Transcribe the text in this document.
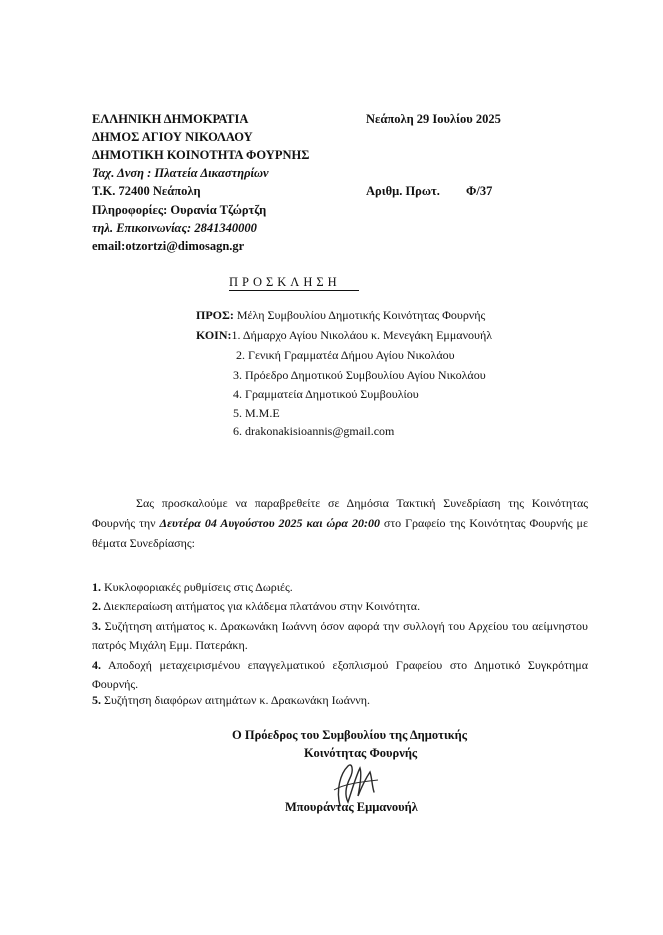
ΕΛΛΗΝΙΚΗ ΔΗΜΟΚΡΑΤΙΑ
ΔΗΜΟΣ ΑΓΙΟΥ ΝΙΚΟΛΑΟΥ
ΔΗΜΟΤΙΚΗ ΚΟΙΝΟΤΗΤΑ ΦΟΥΡΝΗΣ
Ταχ. Δνση : Πλατεία Δικαστηρίων
Τ.Κ. 72400 Νεάπολη
Πληροφορίες: Ουρανία Τζώρτζη
τηλ. Επικοινωνίας: 2841340000
email:otzortzi@dimosagn.gr
Νεάπολη 29 Ιουλίου 2025
Αριθμ. Πρωτ. Φ/37
ΠΡΟΣΚΛΗΣΗ
ΠΡΟΣ: Μέλη Συμβουλίου Δημοτικής Κοινότητας Φουρνής
ΚΟΙΝ:1. Δήμαρχο Αγίου Νικολάου κ. Μενεγάκη Εμμανουήλ
2. Γενική Γραμματέα Δήμου Αγίου Νικολάου
3. Πρόεδρο Δημοτικού Συμβουλίου Αγίου Νικολάου
4. Γραμματεία Δημοτικού Συμβουλίου
5. Μ.Μ.Ε
6. drakonakisioannis@gmail.com
Σας προσκαλούμε να παραβρεθείτε σε Δημόσια Τακτική Συνεδρίαση της Κοινότητας Φουρνής την Δευτέρα 04 Αυγούστου 2025 και ώρα 20:00 στο Γραφείο της Κοινότητας Φουρνής με θέματα Συνεδρίασης:
1. Κυκλοφοριακές ρυθμίσεις στις Δωριές.
2. Διεκπεραίωση αιτήματος για κλάδεμα πλατάνου στην Κοινότητα.
3. Συζήτηση αιτήματος κ. Δρακωνάκη Ιωάννη όσον αφορά την συλλογή του Αρχείου του αείμνηστου πατρός Μιχάλη Εμμ. Πατεράκη.
4. Αποδοχή μεταχειρισμένου επαγγελματικού εξοπλισμού Γραφείου στο Δημοτικό Συγκρότημα Φουρνής.
5. Συζήτηση διαφόρων αιτημάτων κ. Δρακωνάκη Ιωάννη.
Ο Πρόεδρος του Συμβουλίου της Δημοτικής
Κοινότητας Φουρνής
Μπουράντας Εμμανουήλ
